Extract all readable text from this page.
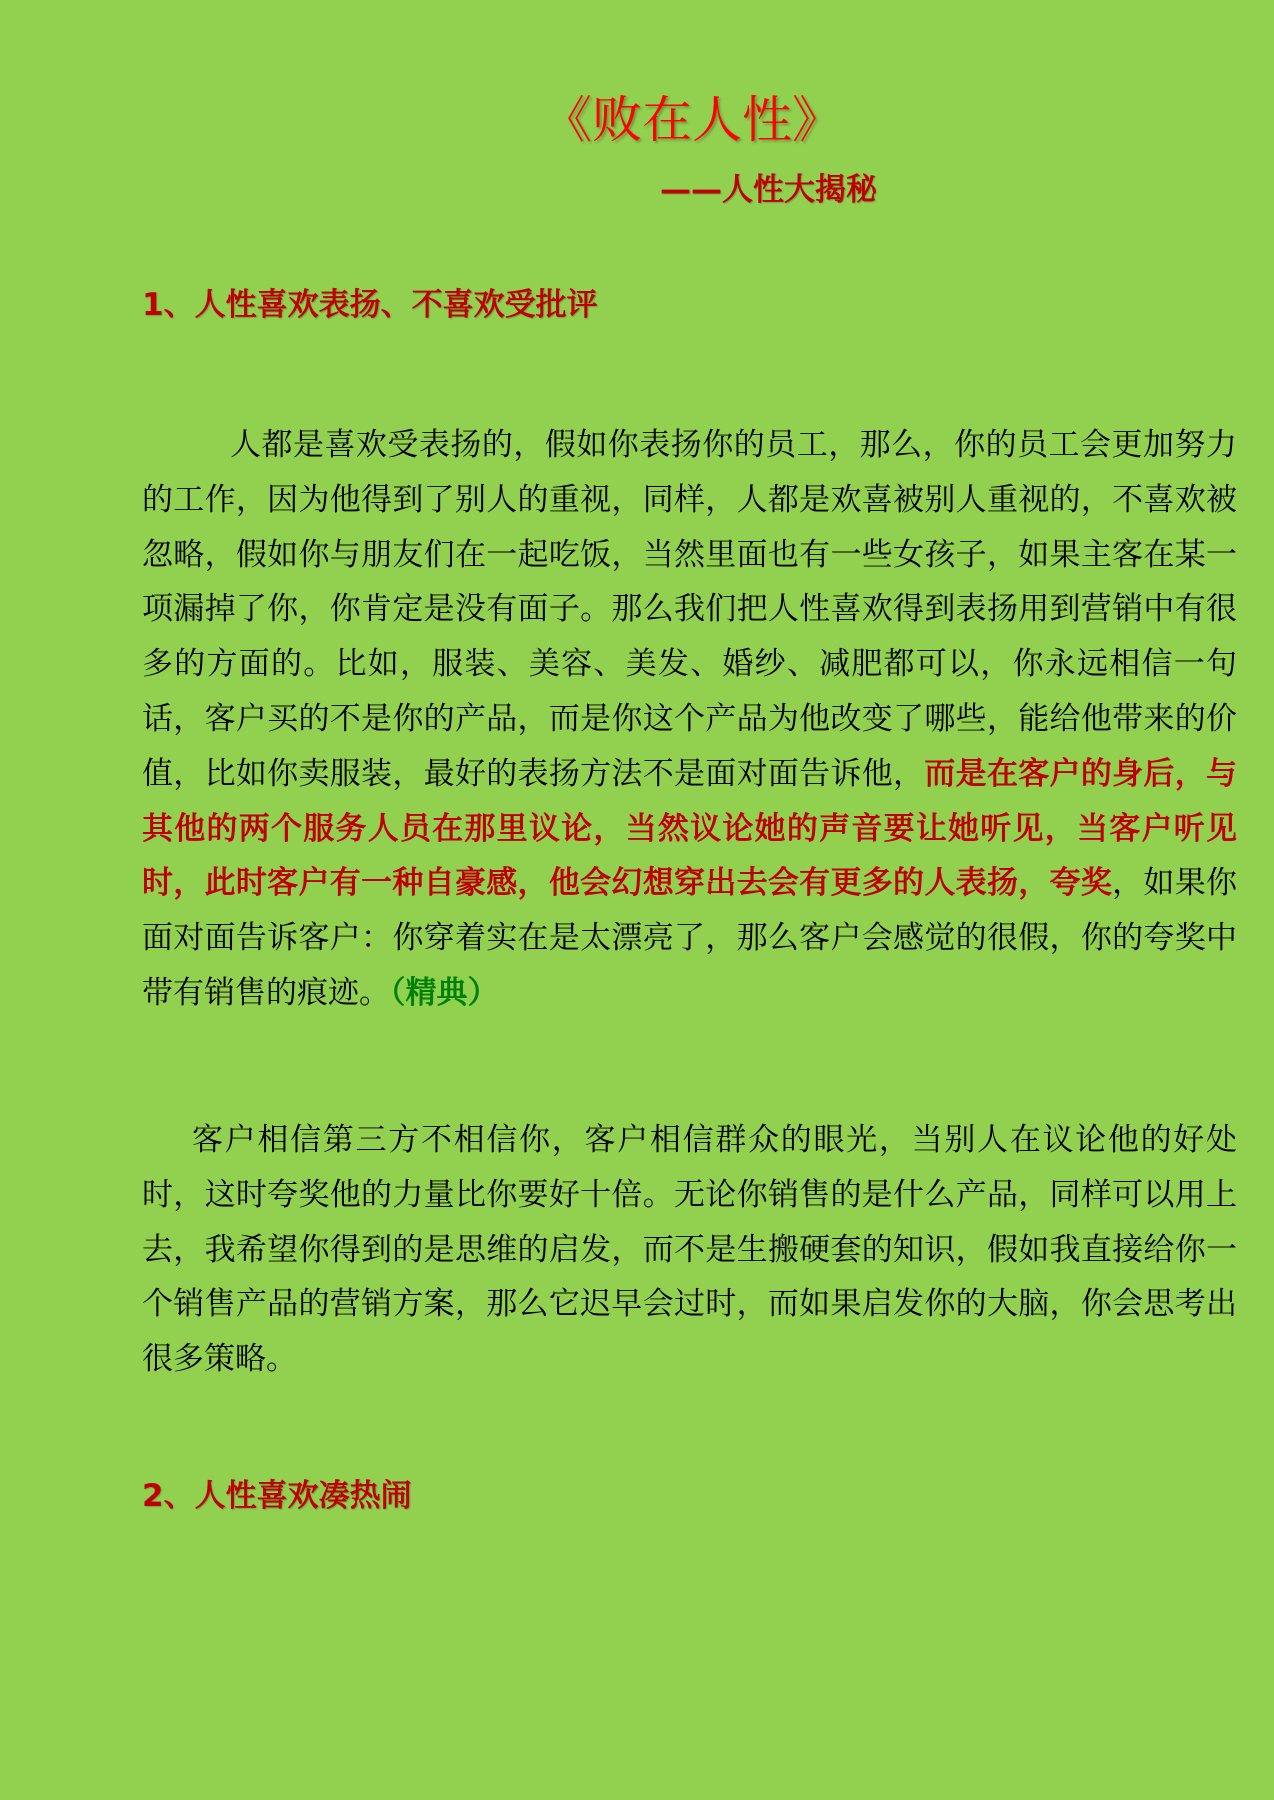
《败在人性》
——人性大揭秘
1、人性喜欢表扬、不喜欢受批评

人都是喜欢受表扬的，假如你表扬你的员工，那么，你的员工会更加努力的工作，因为他得到了别人的重视，同样，人都是欢喜被别人重视的，不喜欢被忽略，假如你与朋友们在一起吃饭，当然里面也有一些女孩子，如果主客在某一项漏掉了你，你肯定是没有面子。那么我们把人性喜欢得到表扬用到营销中有很多的方面的。比如，服装、美容、美发、婚纱、减肥都可以，你永远相信一句话，客户买的不是你的产品，而是你这个产品为他改变了哪些，能给他带来的价值，比如你卖服装，最好的表扬方法不是面对面告诉他，而是在客户的身后，与其他的两个服务人员在那里议论，当然议论她的声音要让她听见，当客户听见时，此时客户有一种自豪感，他会幻想穿出去会有更多的人表扬，夸奖，如果你面对面告诉客户：你穿着实在是太漂亮了，那么客户会感觉的很假，你的夸奖中带有销售的痕迹。（精典）

客户相信第三方不相信你，客户相信群众的眼光，当别人在议论他的好处时，这时夸奖他的力量比你要好十倍。无论你销售的是什么产品，同样可以用上去，我希望你得到的是思维的启发，而不是生搬硬套的知识，假如我直接给你一个销售产品的营销方案，那么它迟早会过时，而如果启发你的大脑，你会思考出很多策略。

2、人性喜欢凑热闹
